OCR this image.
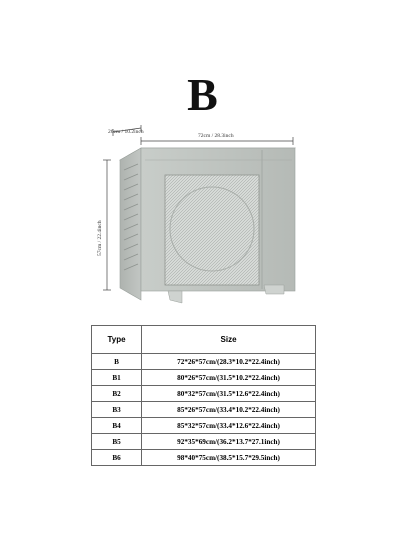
B
26cm / 10.2inch
72cm / 28.3inch
57cm / 22.4inch
Type	Size
B	72*26*57cm/(28.3*10.2*22.4inch)
B1	80*26*57cm/(31.5*10.2*22.4inch)
B2	80*32*57cm/(31.5*12.6*22.4inch)
B3	85*26*57cm/(33.4*10.2*22.4inch)
B4	85*32*57cm/(33.4*12.6*22.4inch)
B5	92*35*69cm/(36.2*13.7*27.1inch)
B6	98*40*75cm/(38.5*15.7*29.5inch)
